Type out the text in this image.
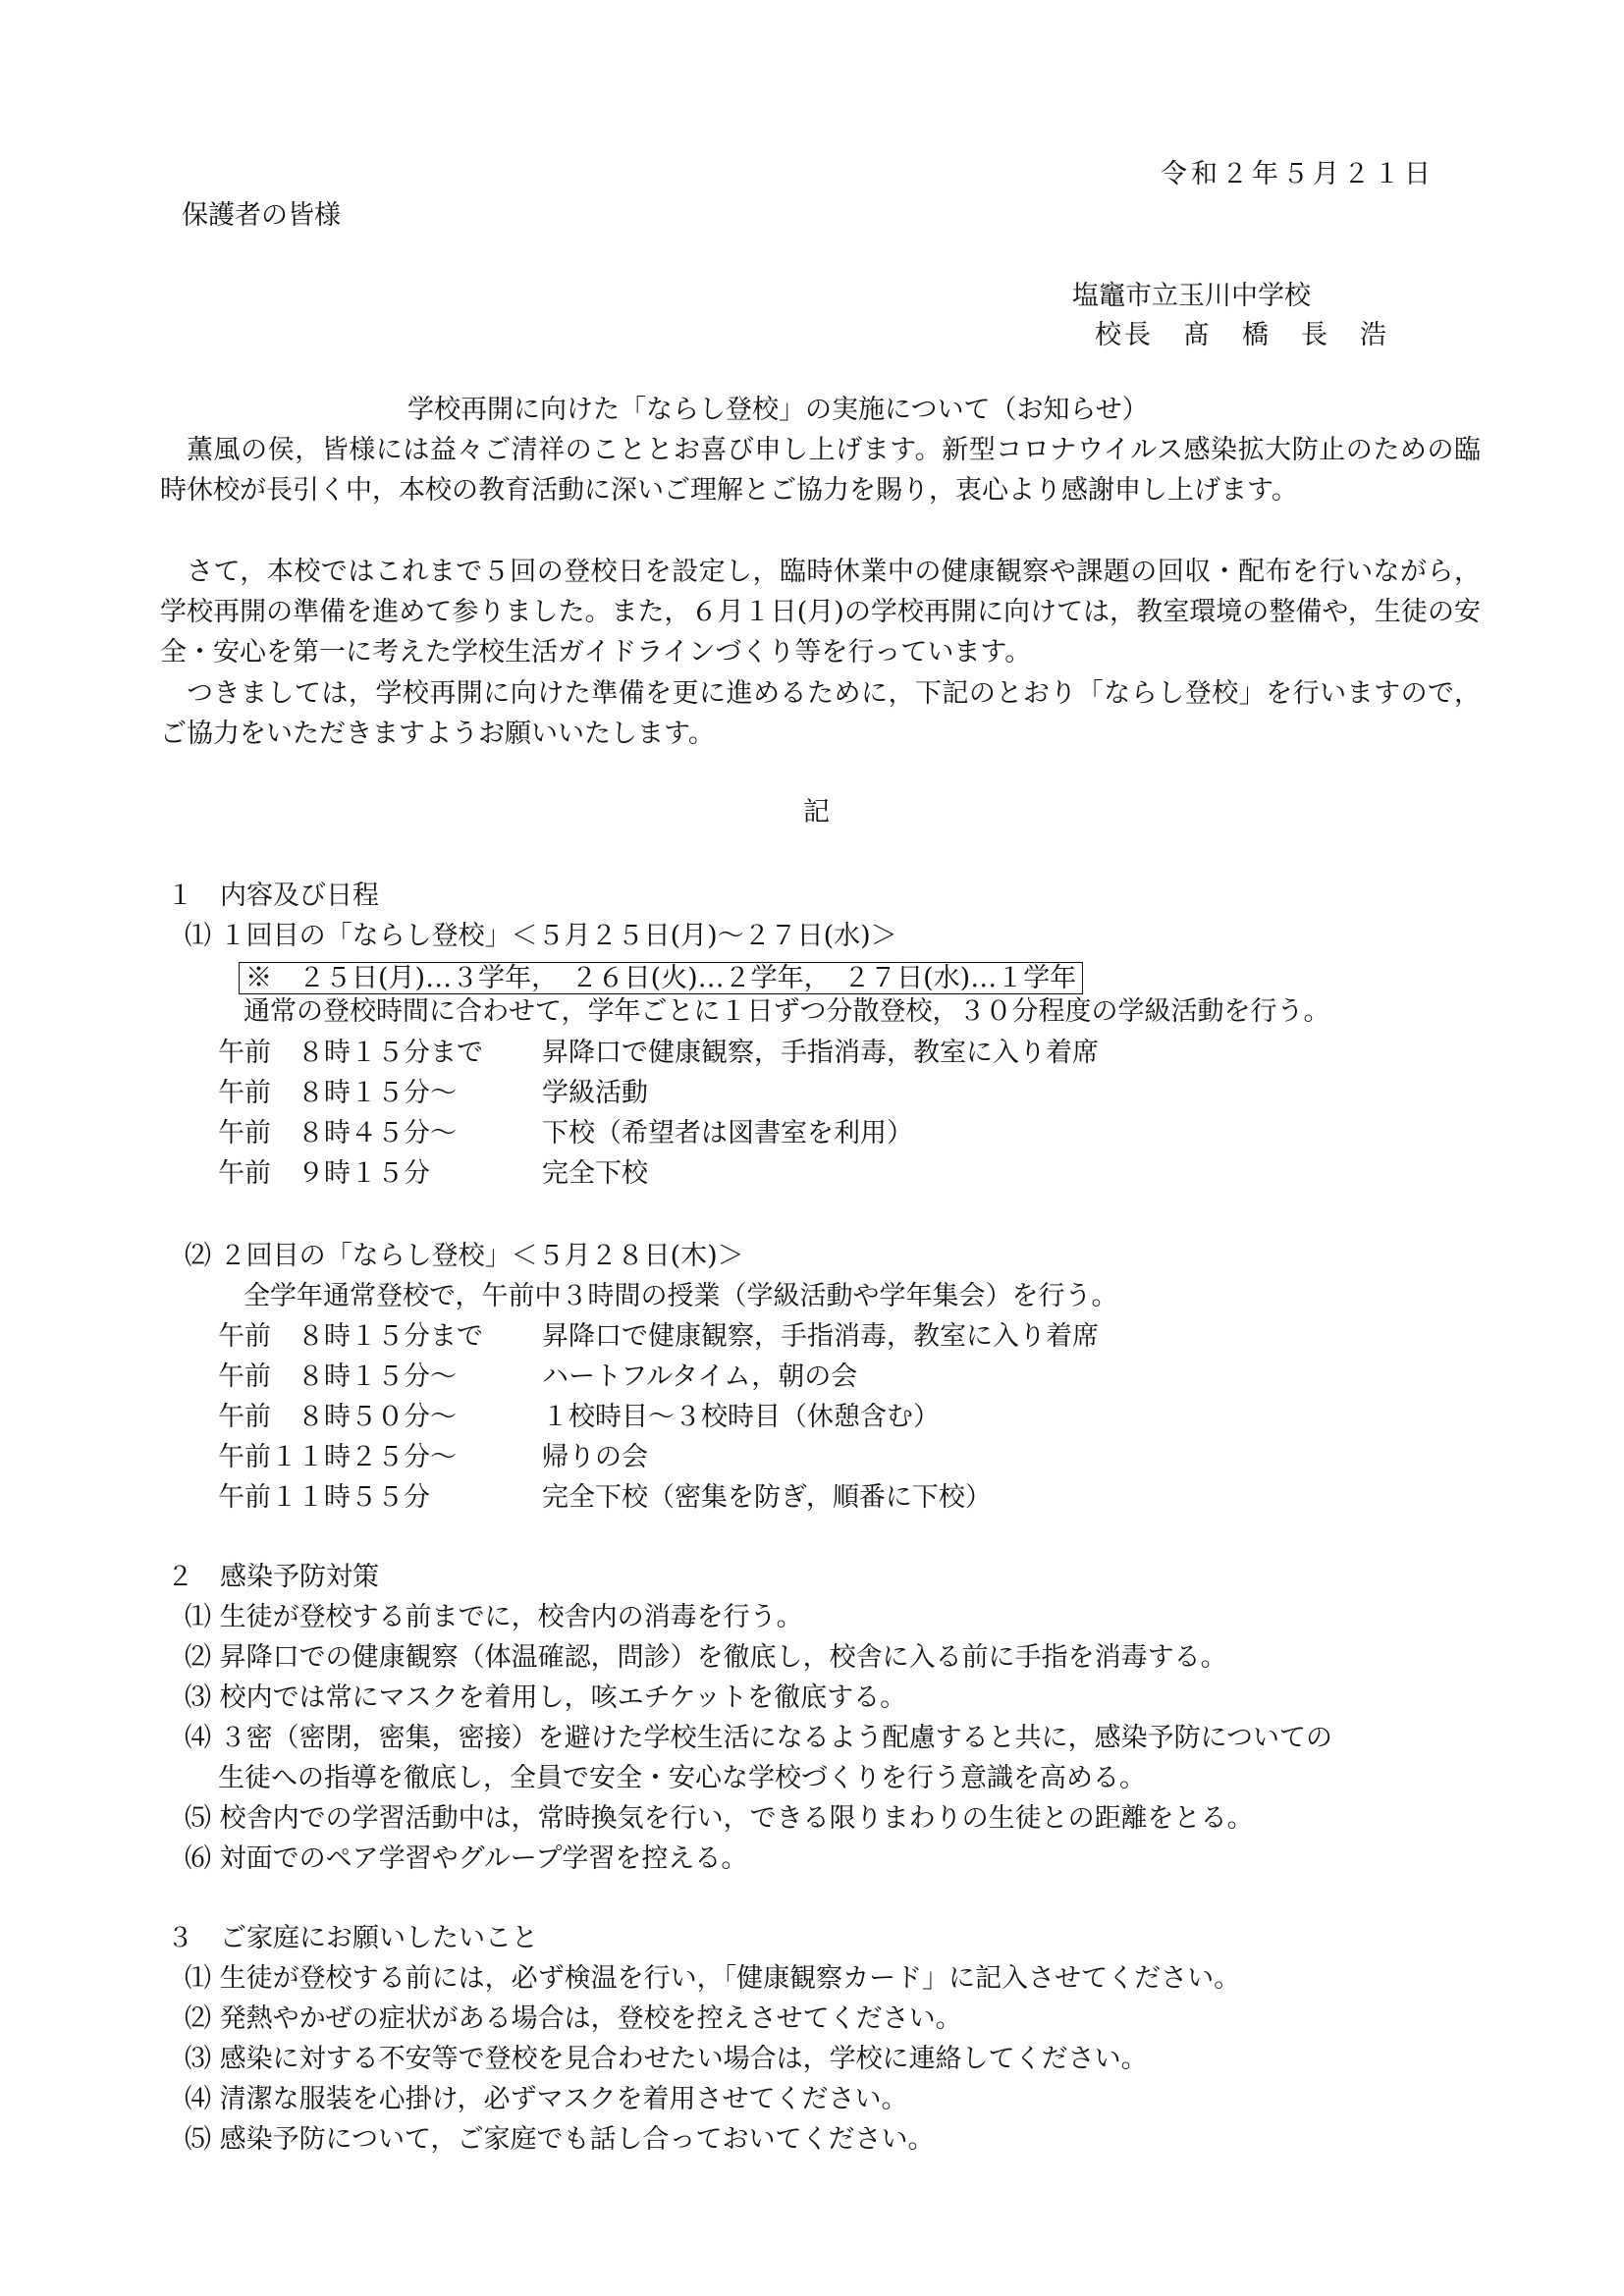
令和２年５月２１日
保護者の皆様
塩竈市立玉川中学校
校長　髙　橋　長　浩
学校再開に向けた「ならし登校」の実施について（お知らせ）
薫風の侯，皆様には益々ご清祥のこととお喜び申し上げます。新型コロナウイルス感染拡大防止のための臨時休校が長引く中，本校の教育活動に深いご理解とご協力を賜り，衷心より感謝申し上げます。
さて，本校ではこれまで５回の登校日を設定し，臨時休業中の健康観察や課題の回収・配布を行いながら，学校再開の準備を進めて参りました。また，６月１日(月)の学校再開に向けては，教室環境の整備や，生徒の安全・安心を第一に考えた学校生活ガイドラインづくり等を行っています。
つきましては，学校再開に向けた準備を更に進めるために，下記のとおり「ならし登校」を行いますので，ご協力をいただきますようお願いいたします。
記
１　内容及び日程
⑴ １回目の「ならし登校」＜５月２５日(月)～２７日(水)＞
※　２５日(月)…３学年，　２６日(火)…２学年，　２７日(水)…１学年
通常の登校時間に合わせて，学年ごとに１日ずつ分散登校，３０分程度の学級活動を行う。
午前　８時１５分まで 昇降口で健康観察，手指消毒，教室に入り着席
午前　８時１５分～	学級活動
午前　８時４５分～	下校（希望者は図書室を利用）
午前　９時１５分	完全下校
⑵ ２回目の「ならし登校」＜５月２８日(木)＞
全学年通常登校で，午前中３時間の授業（学級活動や学年集会）を行う。
午前　８時１５分まで 昇降口で健康観察，手指消毒，教室に入り着席
午前　８時１５分～	ハートフルタイム，朝の会
午前　８時５０分～	１校時目～３校時目（休憩含む）
午前１１時２５分～	帰りの会
午前１１時５５分	完全下校（密集を防ぎ，順番に下校）
２　感染予防対策
⑴ 生徒が登校する前までに，校舎内の消毒を行う。
⑵ 昇降口での健康観察（体温確認，問診）を徹底し，校舎に入る前に手指を消毒する。
⑶ 校内では常にマスクを着用し，咳エチケットを徹底する。
⑷ ３密（密閉，密集，密接）を避けた学校生活になるよう配慮すると共に，感染予防についての
生徒への指導を徹底し，全員で安全・安心な学校づくりを行う意識を高める。
⑸ 校舎内での学習活動中は，常時換気を行い，できる限りまわりの生徒との距離をとる。
⑹ 対面でのペア学習やグループ学習を控える。
３　ご家庭にお願いしたいこと
⑴ 生徒が登校する前には，必ず検温を行い，「健康観察カード」に記入させてください。
⑵ 発熱やかぜの症状がある場合は，登校を控えさせてください。
⑶ 感染に対する不安等で登校を見合わせたい場合は，学校に連絡してください。
⑷ 清潔な服装を心掛け，必ずマスクを着用させてください。
⑸ 感染予防について，ご家庭でも話し合っておいてください。
